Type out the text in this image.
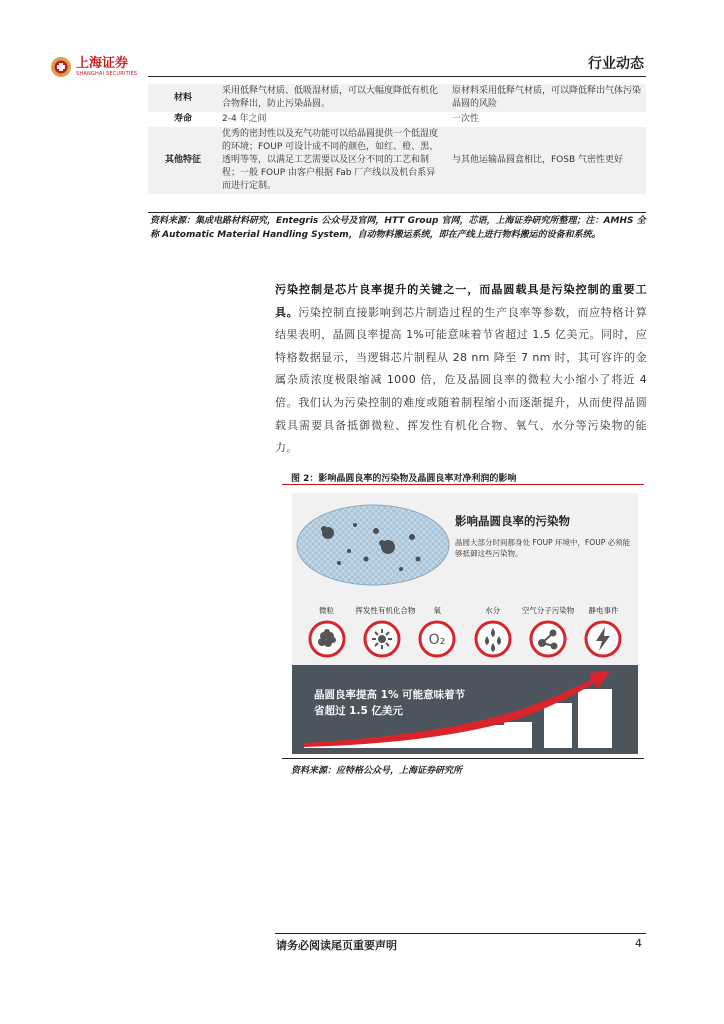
上海证券
SHANGHAI SECURITIES
行业动态
材料	采用低释气材质、低吸湿材质，可以大幅度降低有机化合物释出，防止污染晶圆。	原材料采用低释气材质，可以降低释出气体污染晶圆的风险
寿命	2-4 年之间	一次性
其他特征	优秀的密封性以及充气功能可以给晶圆提供一个低湿度的环境；FOUP 可设计成不同的颜色，如红、橙、黑、透明等等，以满足工艺需要以及区分不同的工艺和制程；一般 FOUP 由客户根据 Fab 厂产线以及机台系异而进行定制。	与其他运输晶圆盒相比，FOSB 气密性更好
资料来源：集成电路材料研究，Entegris 公众号及官网，HTT Group 官网，芯语，上海证券研究所整理；注：AMHS 全称 Automatic Material Handling System，自动物料搬运系统，即在产线上进行物料搬运的设备和系统。
污染控制是芯片良率提升的关键之一，而晶圆载具是污染控制的重要工具。污染控制直接影响到芯片制造过程的生产良率等参数，而应特格计算结果表明，晶圆良率提高 1%可能意味着节省超过 1.5 亿美元。同时，应特格数据显示，当逻辑芯片制程从 28 nm 降至 7 nm 时，其可容许的金属杂质浓度极限缩减 1000 倍，危及晶圆良率的微粒大小缩小了将近 4 倍。我们认为污染控制的难度或随着制程缩小而逐渐提升，从而使得晶圆载具需要具备抵御微粒、挥发性有机化合物、氧气、水分等污染物的能力。
图 2：影响晶圆良率的污染物及晶圆良率对净利润的影响
影响晶圆良率的污染物
晶圆大部分时间都身处 FOUP 环境中，FOUP 必须能够抵御这些污染物。
微粒	挥发性有机化合物	氧
O₂
水分	空气分子污染物	静电事件
晶圆良率提高 1% 可能意味着节
省超过 1.5 亿美元
资料来源：应特格公众号，上海证券研究所
请务必阅读尾页重要声明	4
